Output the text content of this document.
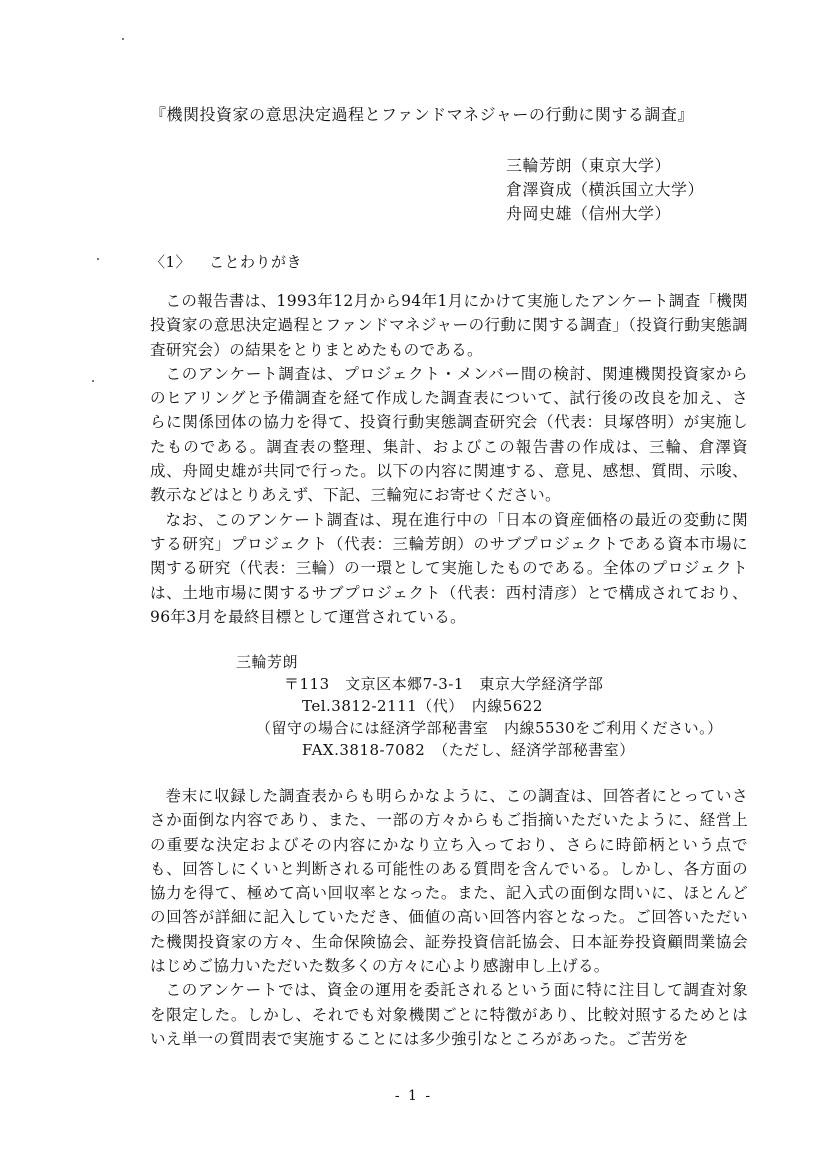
『機関投資家の意思決定過程とファンドマネジャーの行動に関する調査』
三輪芳朗（東京大学）
倉澤資成（横浜国立大学）
舟岡史雄（信州大学）
〈1〉 ことわりがき

この報告書は、1993年12月から94年1月にかけて実施したアンケート調査「機関投資家の意思決定過程とファンドマネジャーの行動に関する調査」（投資行動実態調査研究会）の結果をとりまとめたものである。

このアンケート調査は、プロジェクト・メンバー間の検討、関連機関投資家からのヒアリングと予備調査を経て作成した調査表について、試行後の改良を加え、さらに関係団体の協力を得て、投資行動実態調査研究会（代表：貝塚啓明）が実施したものである。調査表の整理、集計、およびこの報告書の作成は、三輪、倉澤資成、舟岡史雄が共同で行った。以下の内容に関連する、意見、感想、質問、示唆、教示などはとりあえず、下記、三輪宛にお寄せください。

なお、このアンケート調査は、現在進行中の「日本の資産価格の最近の変動に関する研究」プロジェクト（代表：三輪芳朗）のサブプロジェクトである資本市場に関する研究（代表：三輪）の一環として実施したものである。全体のプロジェクトは、土地市場に関するサブプロジェクト（代表：西村清彦）とで構成されており、96年3月を最終目標として運営されている。

三輪芳朗
〒113　文京区本郷7-3-1　東京大学経済学部
Tel.3812-2111（代）　内線5622
（留守の場合には経済学部秘書室　内線5530をご利用ください。）
FAX.3818-7082　（ただし、経済学部秘書室）

巻末に収録した調査表からも明らかなように、この調査は、回答者にとっていささか面倒な内容であり、また、一部の方々からもご指摘いただいたように、経営上の重要な決定およびその内容にかなり立ち入っており、さらに時節柄という点でも、回答しにくいと判断される可能性のある質問を含んでいる。しかし、各方面の協力を得て、極めて高い回収率となった。また、記入式の面倒な問いに、ほとんどの回答が詳細に記入していただき、価値の高い回答内容となった。ご回答いただいた機関投資家の方々、生命保険協会、証券投資信託協会、日本証券投資顧問業協会はじめご協力いただいた数多くの方々に心より感謝申し上げる。

このアンケートでは、資金の運用を委託されるという面に特に注目して調査対象を限定した。しかし、それでも対象機関ごとに特徴があり、比較対照するためとはいえ単一の質問表で実施することには多少強引なところがあった。ご苦労を

- 1 -
